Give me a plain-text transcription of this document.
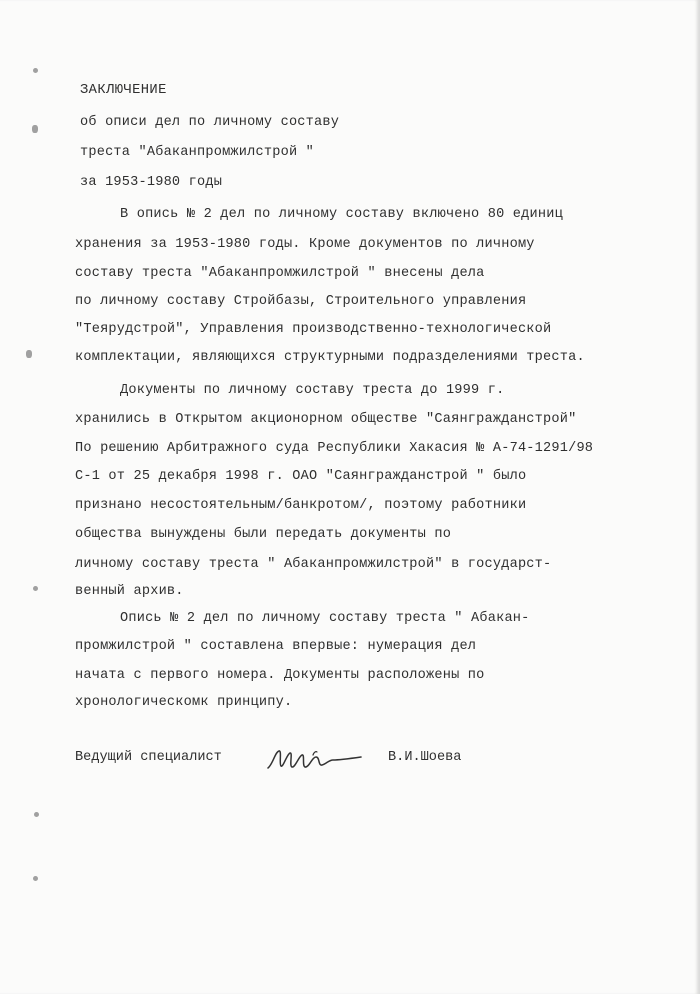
ЗАКЛЮЧЕНИЕ
об описи дел по личному составу
треста "Абаканпромжилстрой "
за 1953-1980 годы
В опись № 2 дел по личному составу включено 80 единиц
хранения за 1953-1980 годы. Кроме документов по личному
составу треста "Абаканпромжилстрой " внесены дела
по личному составу Стройбазы, Строительного управления
"Теярудстрой", Управления производственно-технологической
комплектации, являющихся структурными подразделениями треста.
Документы по личному составу треста до 1999 г.
хранились в Открытом акционорном обществе "Саянгражданстрой"
По решению Арбитражного суда Республики Хакасия № А-74-1291/98
С-1 от 25 декабря 1998 г. ОАО "Саянгражданстрой " было
признано несостоятельным/банкротом/, поэтому работники
общества вынуждены были передать документы по
личному составу треста " Абаканпромжилстрой" в государст-
венный архив.
Опись № 2 дел по личному составу треста " Абакан-
промжилстрой " составлена впервые: нумерация дел
начата с первого номера. Документы расположены по
хронологическомк принципу.
Ведущий специалист	В.И.Шоева
